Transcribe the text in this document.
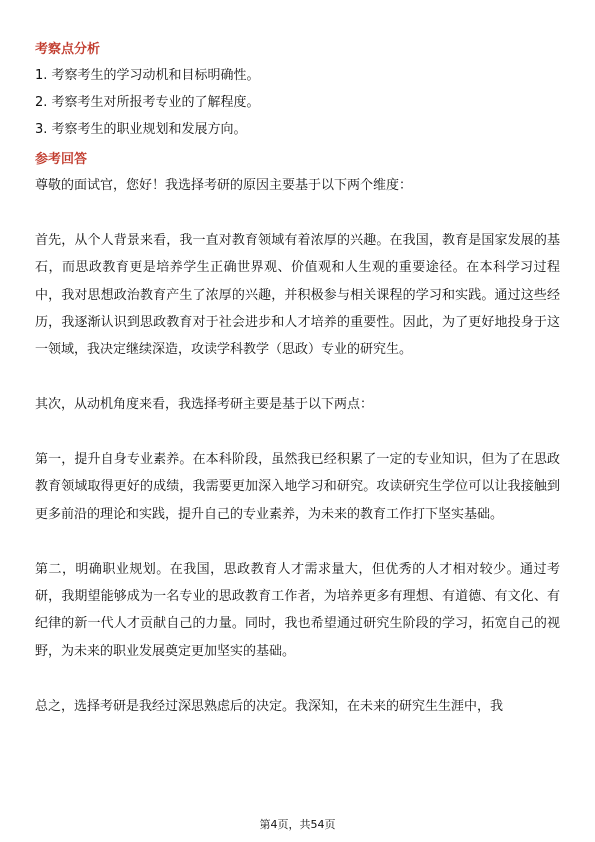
考察点分析
1. 考察考生的学习动机和目标明确性。
2. 考察考生对所报考专业的了解程度。
3. 考察考生的职业规划和发展方向。
参考回答

尊敬的面试官，您好！我选择考研的原因主要基于以下两个维度：

首先，从个人背景来看，我一直对教育领域有着浓厚的兴趣。在我国，教育是国家发展的基石，而思政教育更是培养学生正确世界观、价值观和人生观的重要途径。在本科学习过程中，我对思想政治教育产生了浓厚的兴趣，并积极参与相关课程的学习和实践。通过这些经历，我逐渐认识到思政教育对于社会进步和人才培养的重要性。因此，为了更好地投身于这一领域，我决定继续深造，攻读学科教学（思政）专业的研究生。

其次，从动机角度来看，我选择考研主要是基于以下两点：

第一，提升自身专业素养。在本科阶段，虽然我已经积累了一定的专业知识，但为了在思政教育领域取得更好的成绩，我需要更加深入地学习和研究。攻读研究生学位可以让我接触到更多前沿的理论和实践，提升自己的专业素养，为未来的教育工作打下坚实基础。

第二，明确职业规划。在我国，思政教育人才需求量大，但优秀的人才相对较少。通过考研，我期望能够成为一名专业的思政教育工作者，为培养更多有理想、有道德、有文化、有纪律的新一代人才贡献自己的力量。同时，我也希望通过研究生阶段的学习，拓宽自己的视野，为未来的职业发展奠定更加坚实的基础。

总之，选择考研是我经过深思熟虑后的决定。我深知，在未来的研究生生涯中，我

第4页，共54页
